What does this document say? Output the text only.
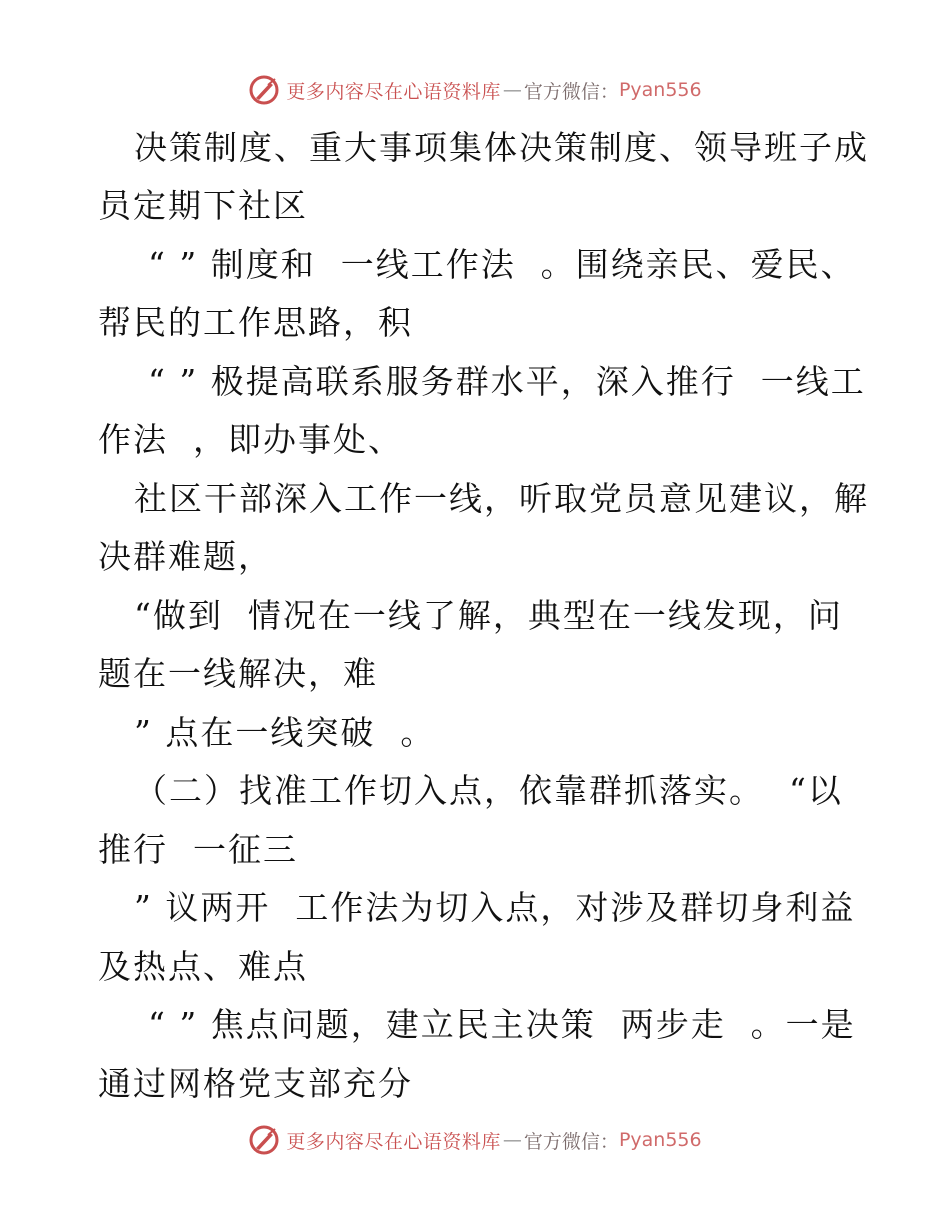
更多内容尽在心语资料库 — 官方微信： Pyan556
决策制度、重大事项集体决策制度、领导班子成
员定期下社区
“ ” 制度和  一线工作法  。围绕亲民、爱民、
帮民的工作思路，积
“ ” 极提高联系服务群水平，深入推行  一线工
作法  ，即办事处、
社区干部深入工作一线，听取党员意见建议，解
决群难题，
“做到  情况在一线了解，典型在一线发现，问
题在一线解决，难
” 点在一线突破  。
（二）找准工作切入点，依靠群抓落实。  “以
推行  一征三
” 议两开  工作法为切入点，对涉及群切身利益
及热点、难点
“ ” 焦点问题，建立民主决策  两步走  。一是
通过网格党支部充分
更多内容尽在心语资料库 — 官方微信： Pyan556
